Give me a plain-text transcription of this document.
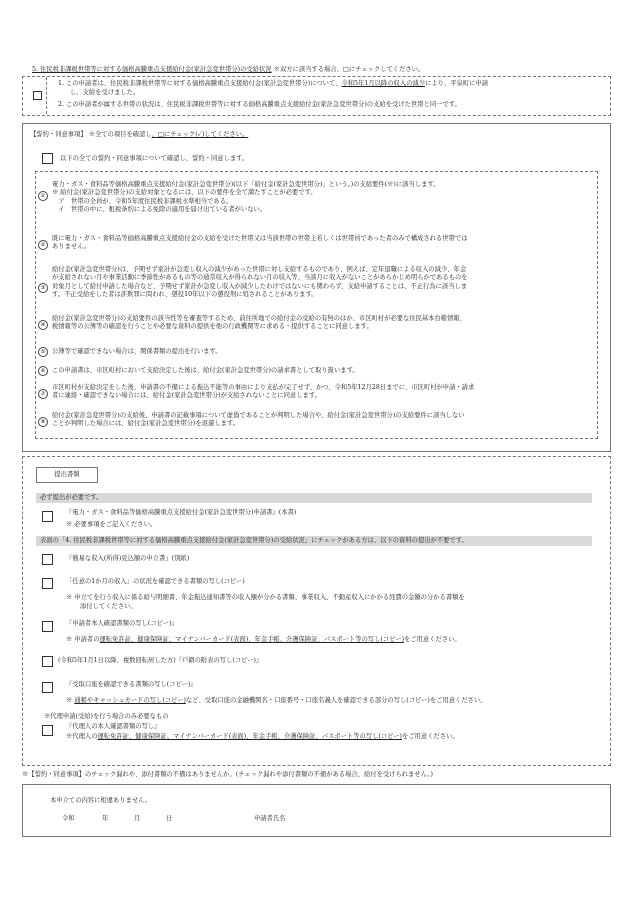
5. 住民税非課税世帯等に対する価格高騰重点支援給付金(家計急変世帯分)の受給状況 ※双方に該当する場合、□にチェックしてください。
1. この申請者は、住民税非課税世帯等に対する価格高騰重点支援給付金(家計急変世帯分)について、令和5年1月以降の収入の減少により、平泉町に申請
し、支給を受けました。
2. この申請者が属する世帯の状況は、住民税非課税世帯等に対する価格高騰重点支援給付金(家計急変世帯分)の支給を受けた世帯と同一です。
【誓約・同意事項】 ※全ての項目を確認し、□にチェック(✓)してください。
以下の全ての誓約・同意事項について確認し、誓約・同意します。
①
電力・ガス・食料品等価格高騰重点支援給付金(家計急変世帯分)(以下「給付金(家計急変世帯分)」という。)の支給要件(※)に該当します。
※ 給付金(家計急変世帯分)の支給対象となるには、以下の要件を全て満たすことが必要です。
　ア　世帯の全員が、令和5年度住民税非課税水準相当である。
　イ　世帯の中に、租税条約による免除の適用を届け出ている者がいない。
②
既に電力・ガス・食料品等価格高騰重点支援給付金の支給を受けた世帯又は当該世帯の世帯主若しくは世帯員であった者のみで構成される世帯では
ありません。
③
給付金(家計急変世帯分)は、予期せず家計が急変し収入の減少があった世帯に対し支給するものであり、例えば、定年退職による収入の減少、年金
が支給されない月や事業活動に季節性があるもの等の通常収入が得られない月の収入等、当該月に収入がないことがあらかじめ明らかであるものを
対象月として給付申請した場合など、予期せず家計が急変し収入が減少したわけではないにも関わらず、支給申請することは、不正行為に該当しま
す。不正受給をした者は詐欺罪に問われ、懲役10年以下の懲役刑に処されることがあります。
④
給付金(家計急変世帯分)の支給要件の該当性等を審査等するため、前住所地での給付金の受給の有無のほか、市区町村が必要な住民基本台帳情報、
税情報等の公簿等の確認を行うことや必要な資料の提供を他の行政機関等に求める・提供することに同意します。
⑤	公簿等で確認できない場合は、関係書類の提出を行います。
⑥	この申請書は、市区町村において支給決定した後は、給付金(家計急変世帯分)の請求書として取り扱います。
⑦
市区町村が支給決定をした後、申請書の不備による振込不能等の事由により支払が完了せず、かつ、令和5年12月28日までに、市区町村が申請・請求
者に連絡・確認できない場合には、給付金(家計急変世帯分)が支給されないことに同意します。
⑧
給付金(家計急変世帯分)の支給後、申請書の記載事項について虚偽であることが判明した場合や、給付金(家計急変世帯分)の支給要件に該当しない
ことが判明した場合には、給付金(家計急変世帯分)を返還します。
提出書類
必ず提出が必要です。
『電力・ガス・食料品等価格高騰重点支援給付金(家計急変世帯分)申請書』(本書)
※ 必要事項をご記入ください。
表面の「4. 住民税非課税世帯等に対する価格高騰重点支援給付金(家計急変世帯分)の受給状況」にチェックがある方は、以下の資料の提出が不要です。
『簡易な収入(所得)見込額の申立書』(別紙)
「任意の1か月の収入」の状況を確認できる書類の写し(コピー)
※ 申立てを行う収入に係る給与明細書、年金振込通知書等の収入額が分かる書類、事業収入、不動産収入にかかる経費の金額の分かる書類を
添付してください。
『申請者本人確認書類の写し(コピー)』
※ 申請者の運転免許証、健康保険証、マイナンバーカード(表面)、年金手帳、介護保険証、パスポート等の写し(コピー)をご用意ください。
(令和5年1月1日以降、複数回転居した方)『戸籍の附表の写し(コピー)』
『受取口座を確認できる書類の写し(コピー)』
※ 通帳やキャッシュカードの写し(コピー)など、受取口座の金融機関名・口座番号・口座名義人を確認できる部分の写し(コピー)をご用意ください。
※代理申請(受給)を行う場合のみ必要なもの
『代理人の本人確認書類の写し』
※代理人の運転免許証、健康保険証、マイナンバーカード(表面)、年金手帳、介護保険証、パスポート等の写し(コピー)をご用意ください。
※【誓約・同意事項】のチェック漏れや、添付書類の不備はありませんか。(チェック漏れや添付書類の不備がある場合、給付を受けられません。)
本申立ての内容に相違ありません。
令和	年	月	日	申請者氏名
